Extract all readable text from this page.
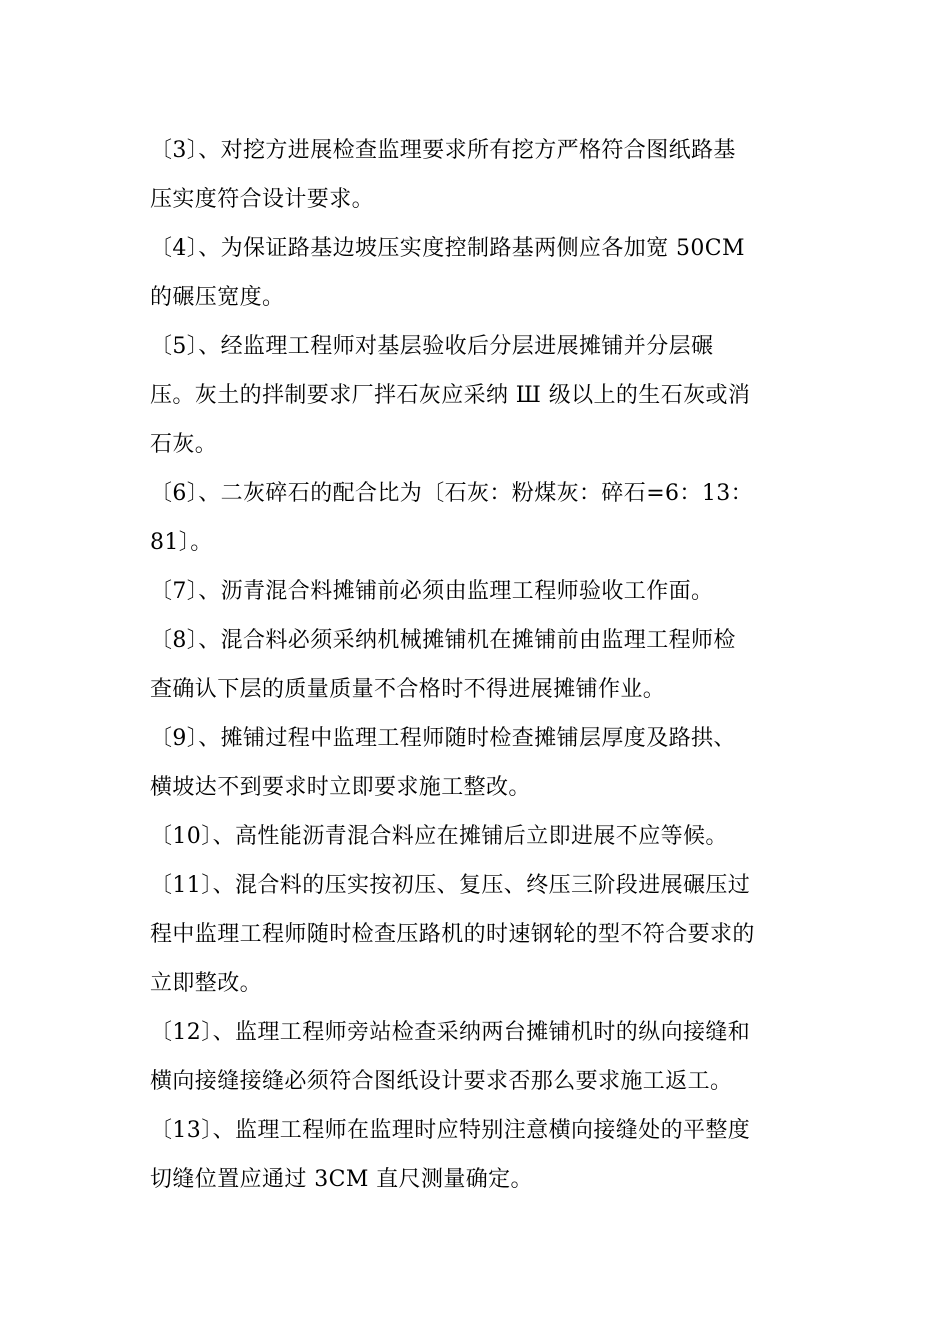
〔3〕、对挖方进展检查监理要求所有挖方严格符合图纸路基
压实度符合设计要求。
〔4〕、为保证路基边坡压实度控制路基两侧应各加宽 50CM
的碾压宽度。
〔5〕、经监理工程师对基层验收后分层进展摊铺并分层碾
压。灰土的拌制要求厂拌石灰应采纳 Ш 级以上的生石灰或消
石灰。
〔6〕、二灰碎石的配合比为〔石灰：粉煤灰：碎石=6：13：
81〕。
〔7〕、沥青混合料摊铺前必须由监理工程师验收工作面。
〔8〕、混合料必须采纳机械摊铺机在摊铺前由监理工程师检
查确认下层的质量质量不合格时不得进展摊铺作业。
〔9〕、摊铺过程中监理工程师随时检查摊铺层厚度及路拱、
横坡达不到要求时立即要求施工整改。
〔10〕、高性能沥青混合料应在摊铺后立即进展不应等候。
〔11〕、混合料的压实按初压、复压、终压三阶段进展碾压过
程中监理工程师随时检查压路机的时速钢轮的型不符合要求的
立即整改。
〔12〕、监理工程师旁站检查采纳两台摊铺机时的纵向接缝和
横向接缝接缝必须符合图纸设计要求否那么要求施工返工。
〔13〕、监理工程师在监理时应特别注意横向接缝处的平整度
切缝位置应通过 3CM 直尺测量确定。
